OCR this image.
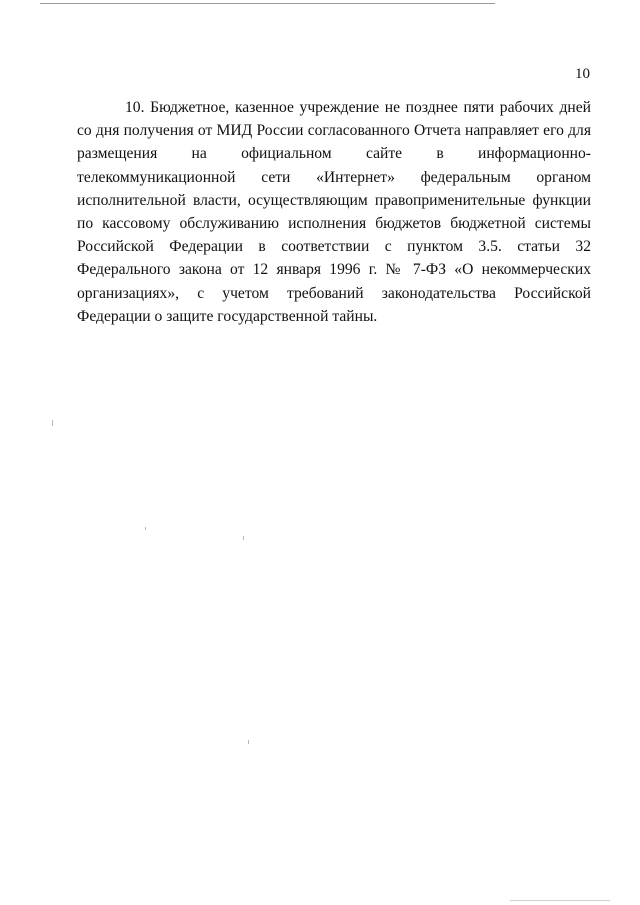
10

10. Бюджетное, казенное учреждение не позднее пяти рабочих дней со дня получения от МИД России согласованного Отчета направляет его для размещения на официальном сайте в информационно-телекоммуникационной сети «Интернет» федеральным органом исполнительной власти, осуществляющим правоприменительные функции по кассовому обслуживанию исполнения бюджетов бюджетной системы Российской Федерации в соответствии с пунктом 3.5. статьи 32 Федерального закона от 12 января 1996 г. № 7-ФЗ «О некоммерческих организациях», с учетом требований законодательства Российской Федерации о защите государственной тайны.
